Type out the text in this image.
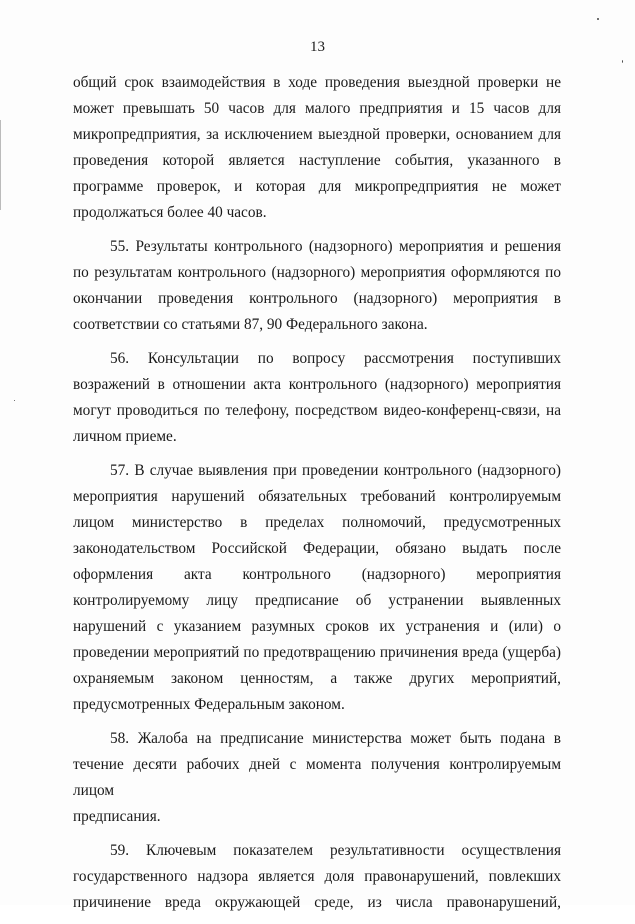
13
общий срок взаимодействия в ходе проведения выездной проверки не
может превышать 50 часов для малого предприятия и 15 часов для
микропредприятия, за исключением выездной проверки, основанием для
проведения которой является наступление события, указанного в
программе проверок, и которая для микропредприятия не может
продолжаться более 40 часов.
55. Результаты контрольного (надзорного) мероприятия и решения
по результатам контрольного (надзорного) мероприятия оформляются по
окончании проведения контрольного (надзорного) мероприятия в
соответствии со статьями 87, 90 Федерального закона.
56. Консультации по вопросу рассмотрения поступивших
возражений в отношении акта контрольного (надзорного) мероприятия
могут проводиться по телефону, посредством видео-конференц-связи, на
личном приеме.
57. В случае выявления при проведении контрольного (надзорного)
мероприятия нарушений обязательных требований контролируемым
лицом министерство в пределах полномочий, предусмотренных
законодательством Российской Федерации, обязано выдать после
оформления акта контрольного (надзорного) мероприятия
контролируемому лицу предписание об устранении выявленных
нарушений с указанием разумных сроков их устранения и (или) о
проведении мероприятий по предотвращению причинения вреда (ущерба)
охраняемым законом ценностям, а также других мероприятий,
предусмотренных Федеральным законом.
58. Жалоба на предписание министерства может быть подана в
течение десяти рабочих дней с момента получения контролируемым лицом
предписания.
59. Ключевым показателем результативности осуществления
государственного надзора является доля правонарушений, повлекших
причинение вреда окружающей среде, из числа правонарушений,
